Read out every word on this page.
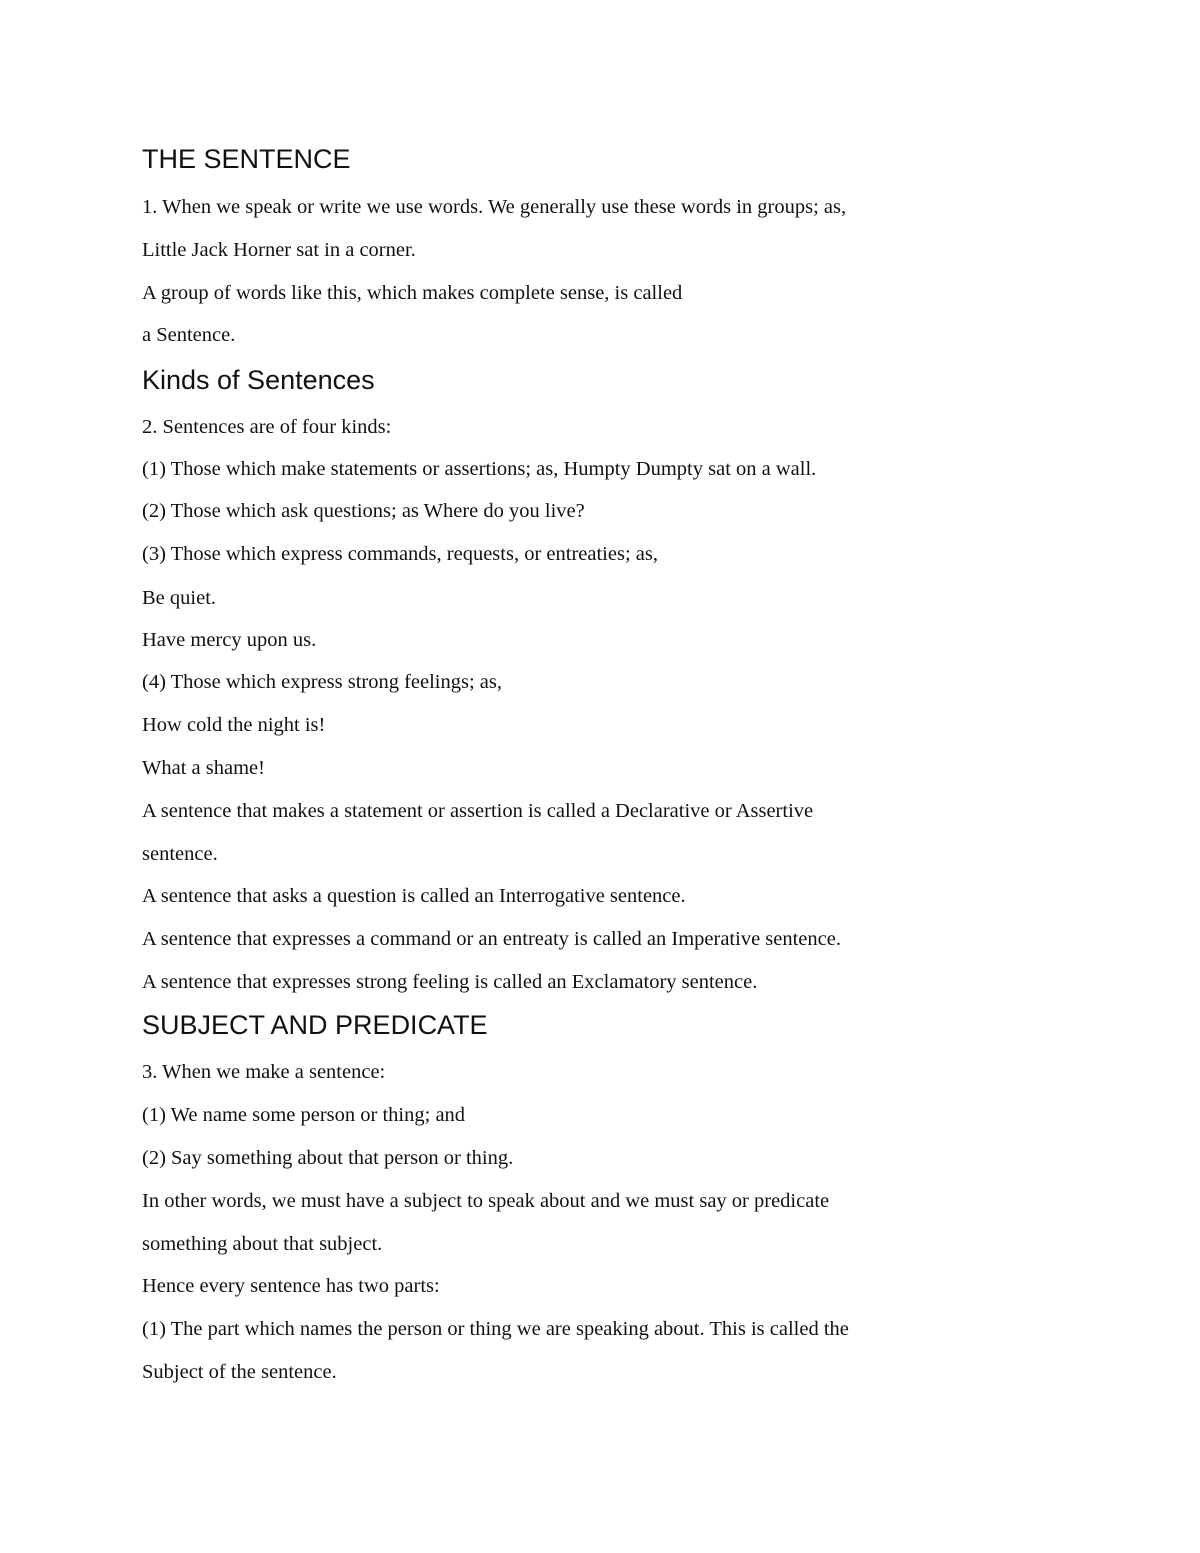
THE SENTENCE
1. When we speak or write we use words. We generally use these words in groups; as,
Little Jack Horner sat in a corner.
A group of words like this, which makes complete sense, is called
a Sentence.
Kinds of Sentences
2. Sentences are of four kinds:
(1) Those which make statements or assertions; as, Humpty Dumpty sat on a wall.
(2) Those which ask questions; as Where do you live?
(3) Those which express commands, requests, or entreaties; as,
Be quiet.
Have mercy upon us.
(4) Those which express strong feelings; as,
How cold the night is!
What a shame!
A sentence that makes a statement or assertion is called a Declarative or Assertive
sentence.
A sentence that asks a question is called an Interrogative sentence.
A sentence that expresses a command or an entreaty is called an Imperative sentence.
A sentence that expresses strong feeling is called an Exclamatory sentence.
SUBJECT AND PREDICATE
3. When we make a sentence:
(1) We name some person or thing; and
(2) Say something about that person or thing.
In other words, we must have a subject to speak about and we must say or predicate
something about that subject.
Hence every sentence has two parts:
(1) The part which names the person or thing we are speaking about. This is called the
Subject of the sentence.
